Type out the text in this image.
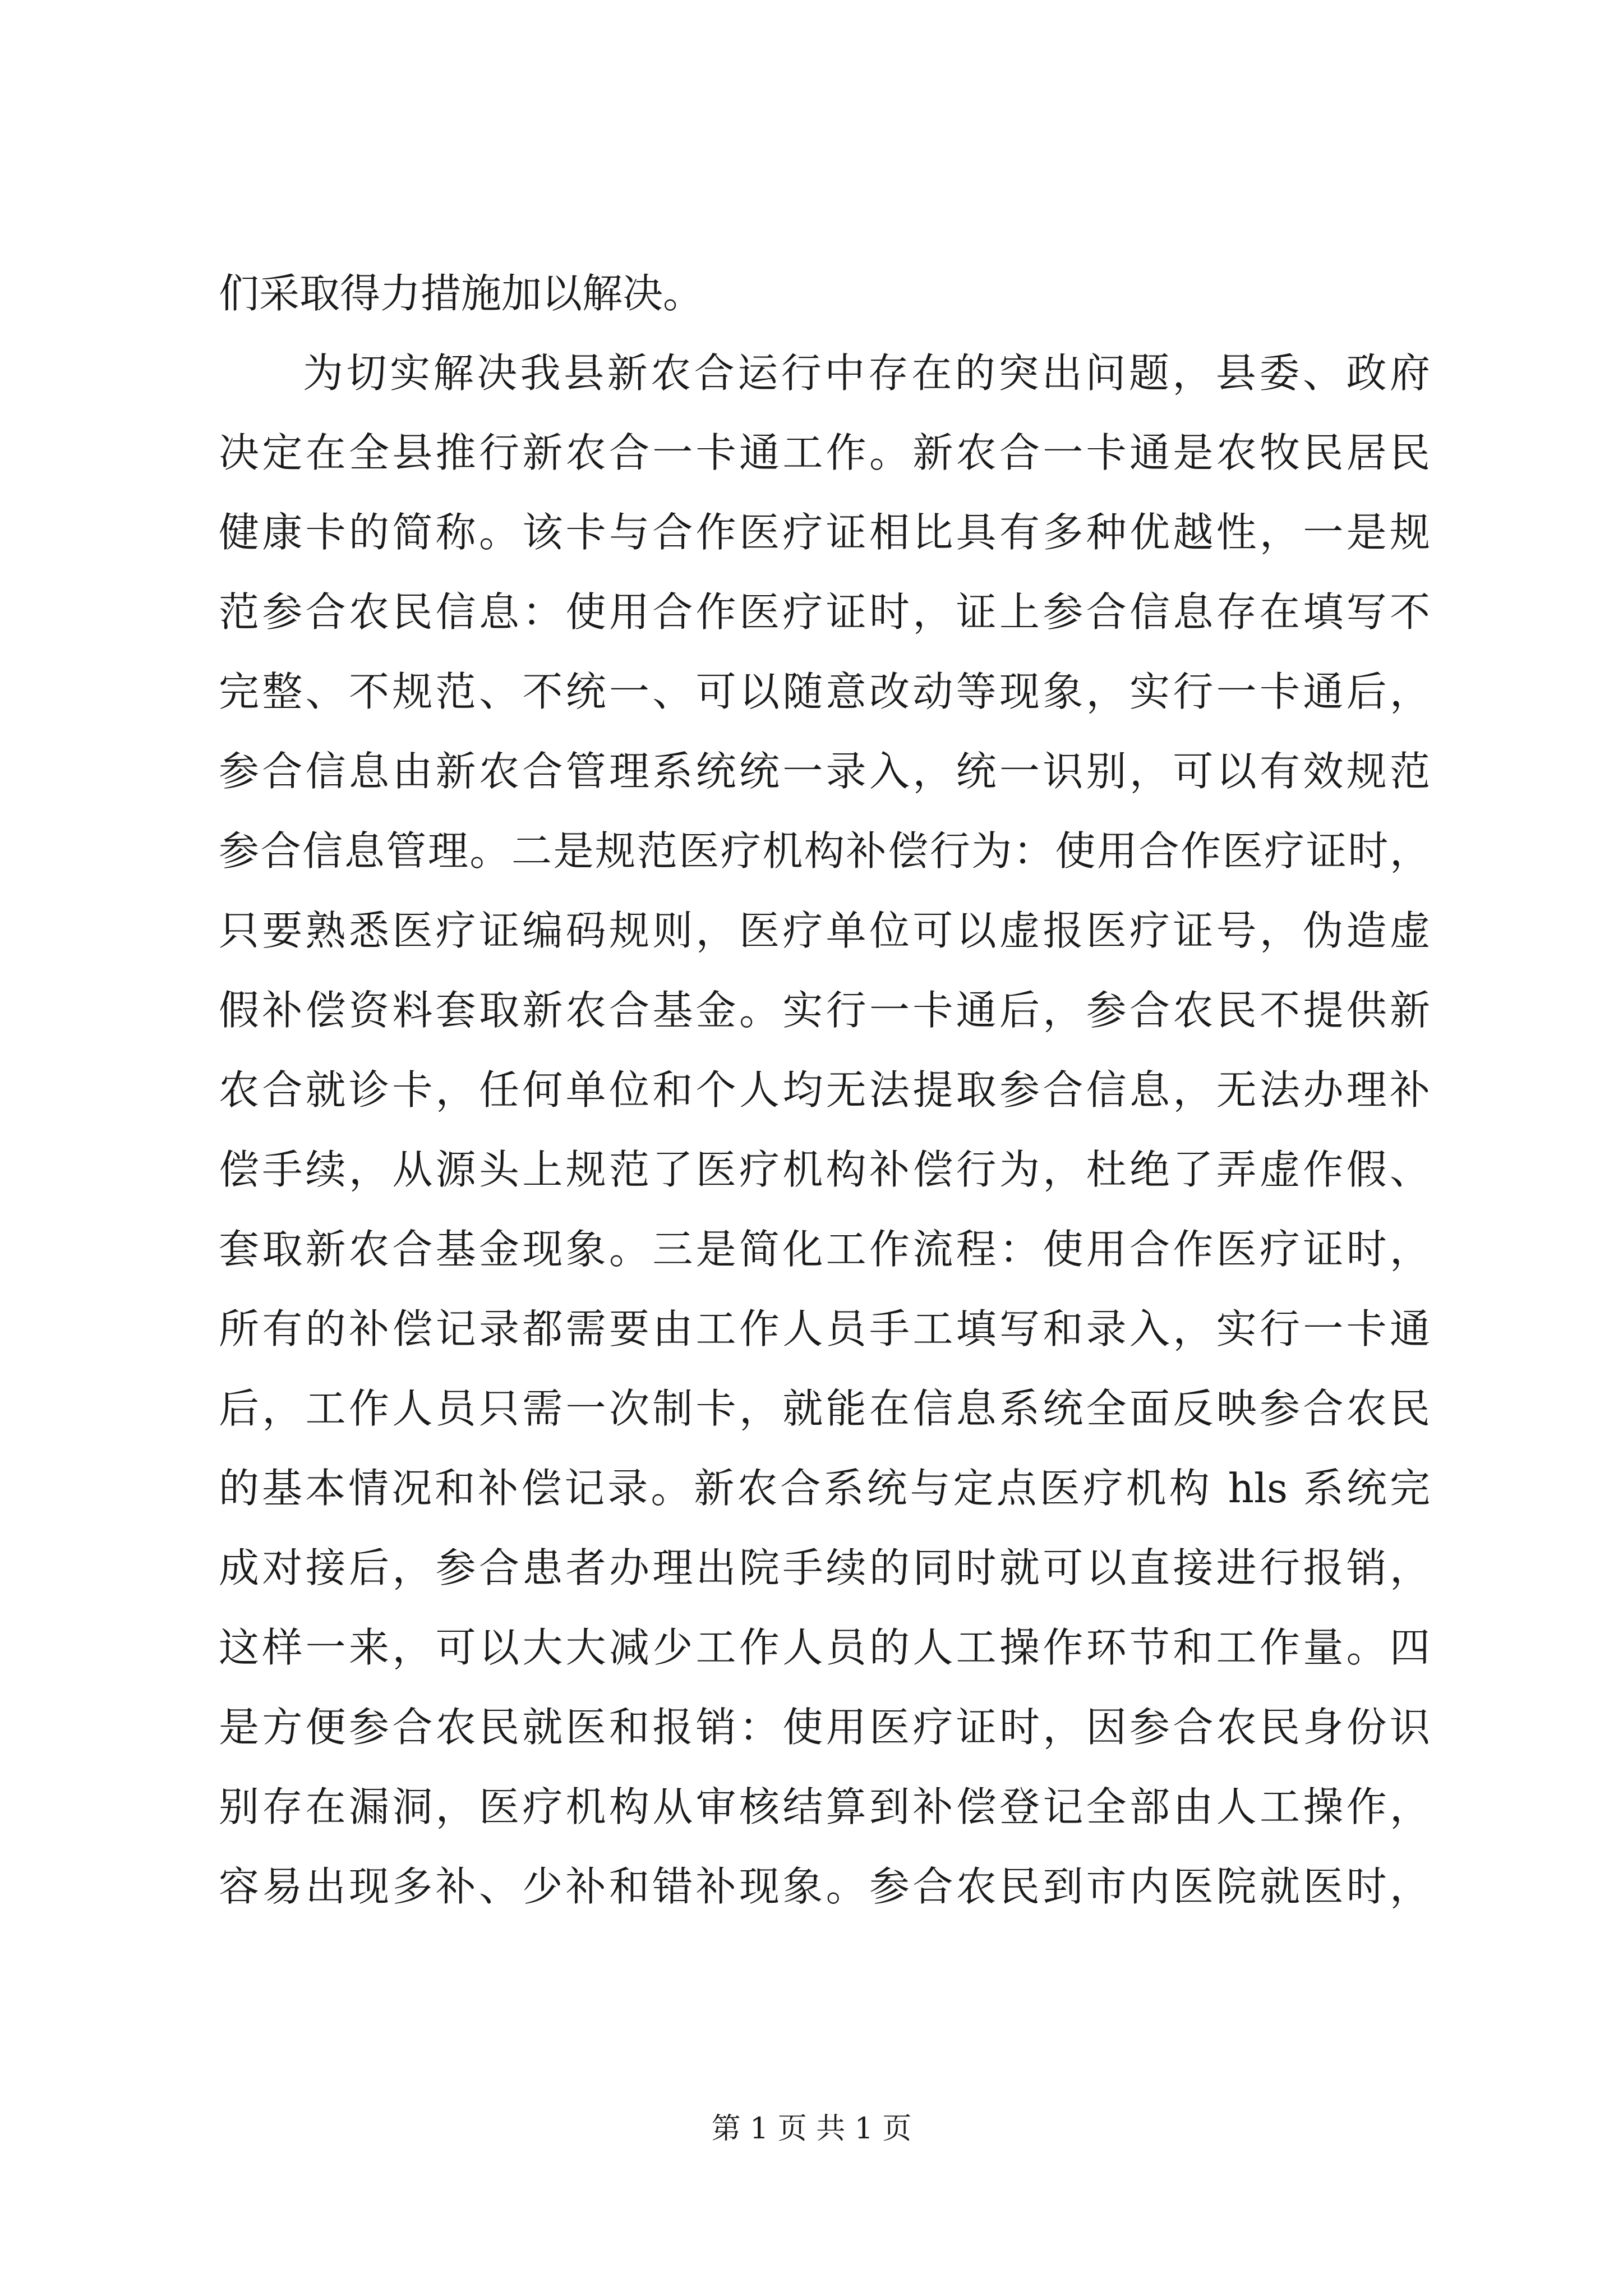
们采取得力措施加以解决。
为切实解决我县新农合运行中存在的突出问题，县委、政府
决定在全县推行新农合一卡通工作。新农合一卡通是农牧民居民
健康卡的简称。该卡与合作医疗证相比具有多种优越性，一是规
范参合农民信息：使用合作医疗证时，证上参合信息存在填写不
完整、不规范、不统一、可以随意改动等现象，实行一卡通后，
参合信息由新农合管理系统统一录入，统一识别，可以有效规范
参合信息管理。二是规范医疗机构补偿行为：使用合作医疗证时，
只要熟悉医疗证编码规则，医疗单位可以虚报医疗证号，伪造虚
假补偿资料套取新农合基金。实行一卡通后，参合农民不提供新
农合就诊卡，任何单位和个人均无法提取参合信息，无法办理补
偿手续，从源头上规范了医疗机构补偿行为，杜绝了弄虚作假、
套取新农合基金现象。三是简化工作流程：使用合作医疗证时，
所有的补偿记录都需要由工作人员手工填写和录入，实行一卡通
后，工作人员只需一次制卡，就能在信息系统全面反映参合农民
的基本情况和补偿记录。新农合系统与定点医疗机构 hls 系统完
成对接后，参合患者办理出院手续的同时就可以直接进行报销，
这样一来，可以大大减少工作人员的人工操作环节和工作量。四
是方便参合农民就医和报销：使用医疗证时，因参合农民身份识
别存在漏洞，医疗机构从审核结算到补偿登记全部由人工操作，
容易出现多补、少补和错补现象。参合农民到市内医院就医时，
第 1 页 共 1 页
